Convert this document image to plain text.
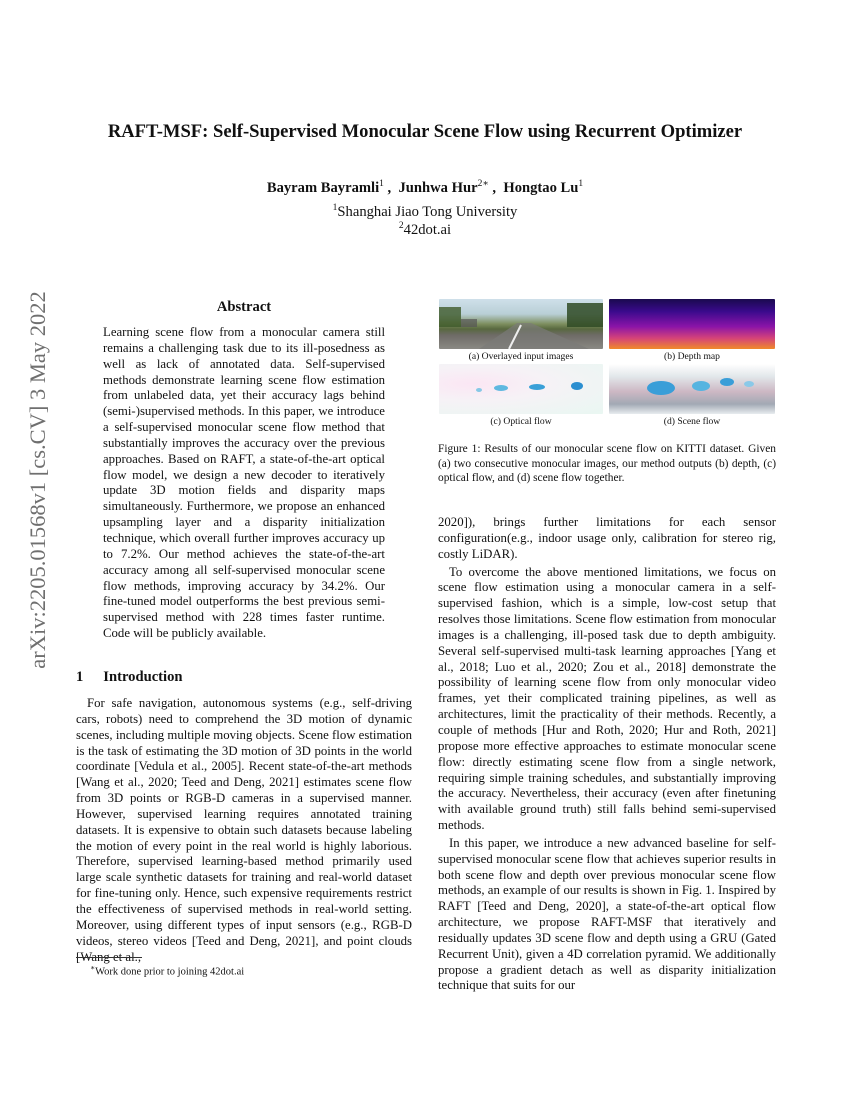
arXiv:2205.01568v1 [cs.CV] 3 May 2022
RAFT-MSF: Self-Supervised Monocular Scene Flow using Recurrent Optimizer
Bayram Bayramli$^1$ ,  Junhwa Hur$^{2∗}$ ,  Hongtao Lu$^1$
$^1$Shanghai Jiao Tong University
$^2$42dot.ai
Abstract
Learning scene flow from a monocular camera still remains a challenging task due to its ill-posedness as well as lack of annotated data. Self-supervised methods demonstrate learning scene flow estimation from unlabeled data, yet their accuracy lags behind (semi-)supervised methods. In this paper, we introduce a self-supervised monocular scene flow method that substantially improves the accuracy over the previous approaches. Based on RAFT, a state-of-the-art optical flow model, we design a new decoder to iteratively update 3D motion fields and disparity maps simultaneously. Furthermore, we propose an enhanced upsampling layer and a disparity initialization technique, which overall further improves accuracy up to 7.2%. Our method achieves the state-of-the-art accuracy among all self-supervised monocular scene flow methods, improving accuracy by 34.2%. Our fine-tuned model outperforms the best previous semi-supervised method with 228 times faster runtime. Code will be publicly available.
1 Introduction
For safe navigation, autonomous systems (e.g., self-driving cars, robots) need to comprehend the 3D motion of dynamic scenes, including multiple moving objects. Scene flow estimation is the task of estimating the 3D motion of 3D points in the world coordinate [Vedula et al., 2005]. Recent state-of-the-art methods [Wang et al., 2020; Teed and Deng, 2021] estimates scene flow from 3D points or RGB-D cameras in a supervised manner. However, supervised learning requires annotated training datasets. It is expensive to obtain such datasets because labeling the motion of every point in the real world is highly laborious. Therefore, supervised learning-based method primarily used large scale synthetic datasets for training and real-world dataset for fine-tuning only. Hence, such expensive requirements restrict the effectiveness of supervised methods in real-world setting. Moreover, using different types of input sensors (e.g., RGB-D videos, stereo videos [Teed and Deng, 2021], and point clouds [Wang et al.,
∗Work done prior to joining 42dot.ai
(a) Overlayed input images	(b) Depth map
(c) Optical flow	(d) Scene flow
Figure 1: Results of our monocular scene flow on KITTI dataset. Given (a) two consecutive monocular images, our method outputs (b) depth, (c) optical flow, and (d) scene flow together.

2020]), brings further limitations for each sensor configuration(e.g., indoor usage only, calibration for stereo rig, costly LiDAR).

To overcome the above mentioned limitations, we focus on scene flow estimation using a monocular camera in a self-supervised fashion, which is a simple, low-cost setup that resolves those limitations. Scene flow estimation from monocular images is a challenging, ill-posed task due to depth ambiguity. Several self-supervised multi-task learning approaches [Yang et al., 2018; Luo et al., 2020; Zou et al., 2018] demonstrate the possibility of learning scene flow from only monocular video frames, yet their complicated training pipelines, as well as architectures, limit the practicality of their methods. Recently, a couple of methods [Hur and Roth, 2020; Hur and Roth, 2021] propose more effective approaches to estimate monocular scene flow: directly estimating scene flow from a single network, requiring simple training schedules, and substantially improving the accuracy. Nevertheless, their accuracy (even after finetuning with available ground truth) still falls behind semi-supervised methods.

In this paper, we introduce a new advanced baseline for self-supervised monocular scene flow that achieves superior results in both scene flow and depth over previous monocular scene flow methods, an example of our results is shown in Fig. 1. Inspired by RAFT [Teed and Deng, 2020], a state-of-the-art optical flow architecture, we propose RAFT-MSF that iteratively and residually updates 3D scene flow and depth using a GRU (Gated Recurrent Unit), given a 4D correlation pyramid. We additionally propose a gradient detach as well as disparity initialization technique that suits for our
